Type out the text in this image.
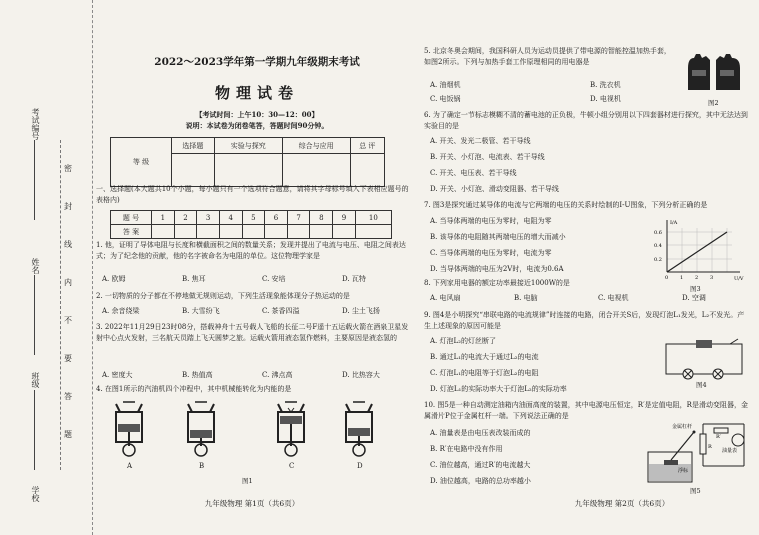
考试编号
姓名
班级
学校
密
封
线
内
不
要
答
题
2022～2023学年第一学期九年级期末考试
物理试卷
【考试时间：上午10：30—12：00】
说明：本试卷为闭卷笔答，答题时间90分钟。
等 级	选择题	实验与探究	综合与应用	总 评

一、选择题(本大题共10个小题，每小题只有一个选项符合题意，请将其字母标号填入下表相应题号的表格内)
题 号	1	2	3	4	5	6	7	8	9	10
答 案										
1. 他，证明了导体电阻与长度和横截面积之间的数量关系；发现并提出了电流与电压、电阻之间表达式；为了纪念他的贡献，他的名字被命名为电阻的单位。这位物理学家是
A. 欧姆	B. 焦耳	C. 安培	D. 瓦特
2. 一切物质的分子都在不停地做无规则运动，下列生活现象能体现分子热运动的是
A. 余音绕梁	B. 大雪纷飞	C. 茶香四溢	D. 尘土飞扬
3. 2022年11月29日23时08分，搭载神舟十五号载人飞船的长征二号F遥十五运载火箭在酒泉卫星发射中心点火发射，三名航天员踏上飞天圆梦之旅。运载火箭用液态氢作燃料，主要原因是液态氢的
A. 密度大	B. 热值高	C. 沸点高	D. 比热容大
4. 在图1所示的汽油机四个冲程中，其中机械能转化为内能的是
A	B	C	D
图1
九年级物理 第1页（共6页）
5. 北京冬奥会期间，我国科研人员为运动员提供了带电源的智能控温加热手套，如图2所示。下列与加热手套工作原理相同的用电器是
A. 油烟机	B. 洗衣机
C. 电饭锅	D. 电视机	图2
6. 为了确定一节标志模糊不清的蓄电池的正负极，牛顿小组分别用以下四套器材进行探究，其中无法达到实验目的是
A. 开关、发光二极管、若干导线
B. 开关、小灯泡、电流表、若干导线
C. 开关、电压表、若干导线
D. 开关、小灯泡、滑动变阻器、若干导线
7. 图3是探究通过某导体的电流与它两端的电压的关系时绘制的I-U图象，下列分析正确的是
A. 当导体两端的电压为零时，电阻为零
B. 该导体的电阻随其两端电压的增大而减小
C. 当导体两端的电压为零时，电流为零
D. 当导体两端的电压为2V时，电流为0.6A
I/A
U/V
0.6
0.4
0.2
0 1 2 3
图3
8. 下列家用电器的额定功率最接近1000W的是
A. 电风扇	B. 电脑	C. 电视机	D. 空调
9. 图4是小明探究“串联电路的电流规律”时连接的电路，闭合开关S后，发现灯泡L₁发光，L₂不发光。产生上述现象的原因可能是
A. 灯泡L₂的灯丝断了
B. 通过L₁的电流大于通过L₂的电流
C. 灯泡L₁的电阻等于灯泡L₂的电阻
D. 灯泡L₁的实际功率大于灯泡L₂的实际功率	图4
10. 图5是一种自动测定油箱内油面高度的装置，其中电源电压恒定，R′是定值电阻，R是滑动变阻器，金属滑片P位于金属杠杆一端。下列说法正确的是
A. 油量表是由电压表改装而成的
B. R′在电路中没有作用
C. 油位越高，通过R′的电流越大
D. 油位越高，电路的总功率越小
金属杠杆
油量表
浮标
R′
R
图5
九年级物理 第2页（共6页）
